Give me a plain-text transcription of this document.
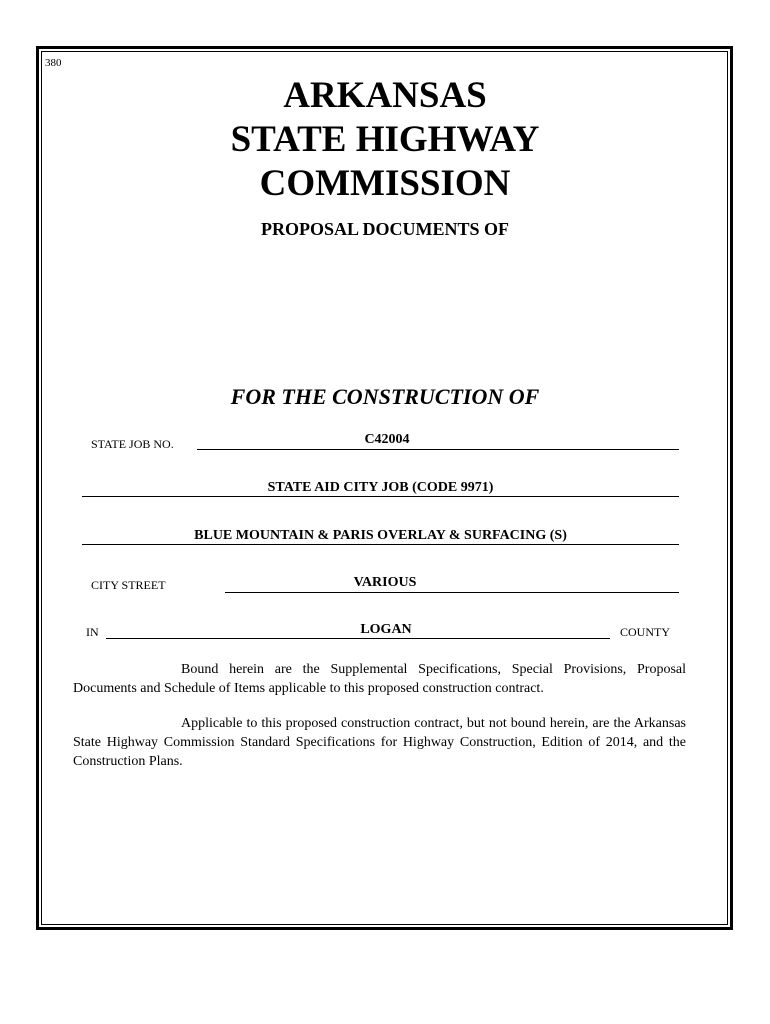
380
ARKANSAS
STATE HIGHWAY
COMMISSION
PROPOSAL DOCUMENTS OF
FOR THE CONSTRUCTION OF
STATE JOB NO.	C42004
STATE AID CITY JOB (CODE 9971)
BLUE MOUNTAIN & PARIS OVERLAY & SURFACING (S)
CITY STREET	VARIOUS
IN	LOGAN	COUNTY
Bound herein are the Supplemental Specifications, Special Provisions, Proposal Documents and Schedule of Items applicable to this proposed construction contract.
Applicable to this proposed construction contract, but not bound herein, are the Arkansas State Highway Commission Standard Specifications for Highway Construction, Edition of 2014, and the Construction Plans.
